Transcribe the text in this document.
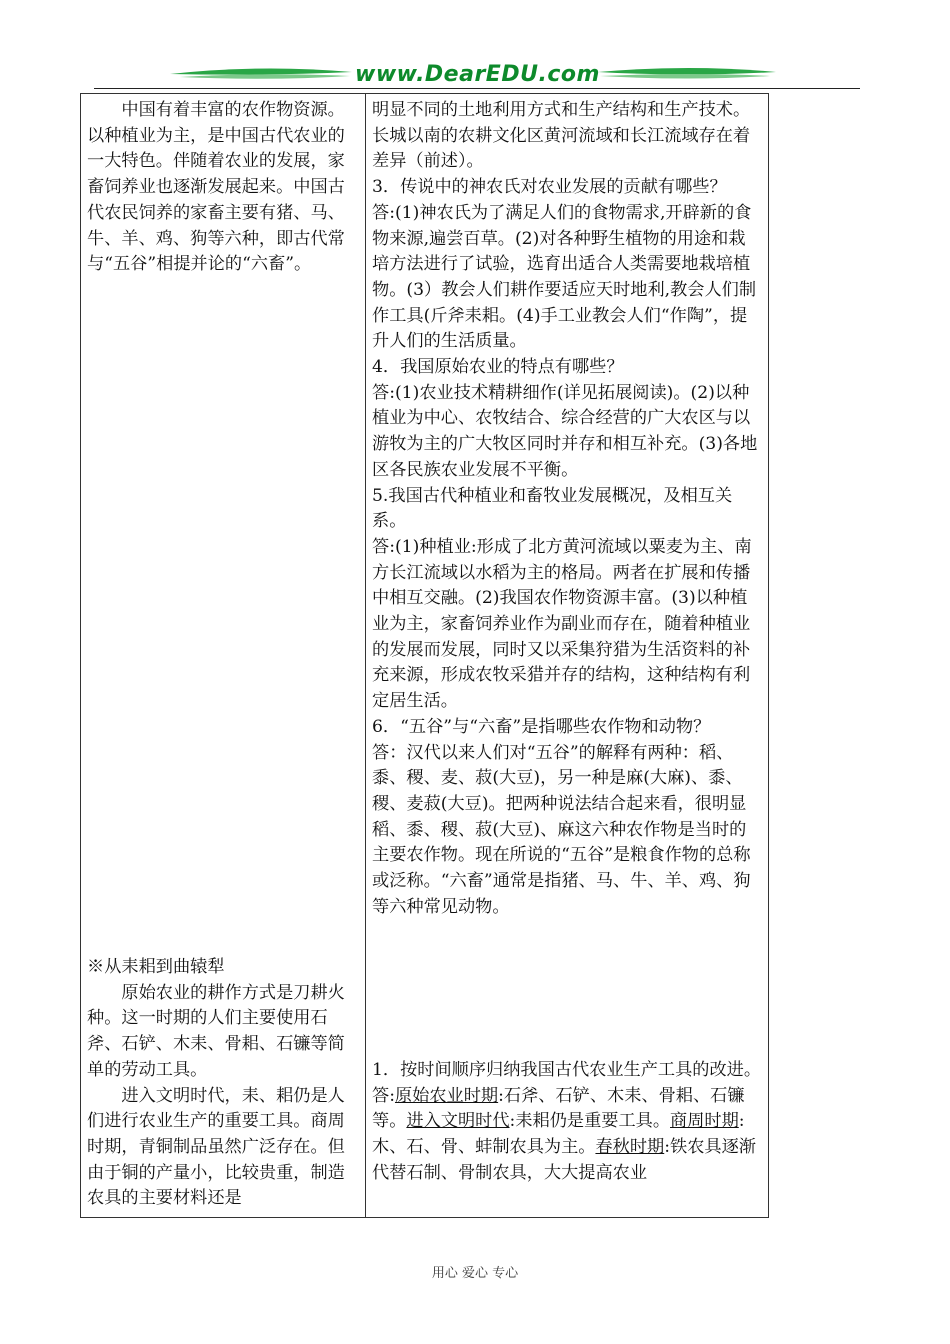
www.DearEDU.com

中国有着丰富的农作物资源。以种植业为主，是中国古代农业的一大特色。伴随着农业的发展，家畜饲养业也逐渐发展起来。中国古代农民饲养的家畜主要有猪、马、牛、羊、鸡、狗等六种，即古代常与“五谷”相提并论的“六畜”。

※从耒耜到曲辕犁

原始农业的耕作方式是刀耕火种。这一时期的人们主要使用石斧、石铲、木耒、骨耜、石镰等简单的劳动工具。

进入文明时代，耒、耜仍是人们进行农业生产的重要工具。商周时期，青铜制品虽然广泛存在。但由于铜的产量小，比较贵重，制造农具的主要材料还是

明显不同的土地利用方式和生产结构和生产技术。长城以南的农耕文化区黄河流域和长江流域存在着差异（前述）。

3．传说中的神农氏对农业发展的贡献有哪些？

答:(1)神农氏为了满足人们的食物需求,开辟新的食物来源,遍尝百草。(2)对各种野生植物的用途和栽培方法进行了试验，选育出适合人类需要地栽培植物。(3）教会人们耕作要适应天时地利,教会人们制作工具(斤斧耒耜。(4)手工业教会人们“作陶”，提升人们的生活质量。

4．我国原始农业的特点有哪些？

答:(1)农业技术精耕细作(详见拓展阅读)。(2)以种植业为中心、农牧结合、综合经营的广大农区与以游牧为主的广大牧区同时并存和相互补充。(3)各地区各民族农业发展不平衡。

5.我国古代种植业和畜牧业发展概况，及相互关系。

答:(1)种植业:形成了北方黄河流域以粟麦为主、南方长江流域以水稻为主的格局。两者在扩展和传播中相互交融。(2)我国农作物资源丰富。(3)以种植业为主，家畜饲养业作为副业而存在，随着种植业的发展而发展，同时又以采集狩猎为生活资料的补充来源，形成农牧采猎并存的结构，这种结构有利定居生活。

6．“五谷”与“六畜”是指哪些农作物和动物？

答：汉代以来人们对“五谷”的解释有两种：稻、黍、稷、麦、菽(大豆)，另一种是麻(大麻)、黍、稷、麦菽(大豆)。把两种说法结合起来看，很明显稻、黍、稷、菽(大豆)、麻这六种农作物是当时的主要农作物。现在所说的“五谷”是粮食作物的总称或泛称。“六畜”通常是指猪、马、牛、羊、鸡、狗等六种常见动物。

1．按时间顺序归纳我国古代农业生产工具的改进。

答:原始农业时期:石斧、石铲、木耒、骨耜、石镰等。进入文明时代:耒耜仍是重要工具。商周时期:木、石、骨、蚌制农具为主。春秋时期:铁农具逐渐代替石制、骨制农具，大大提高农业

用心 爱心 专心
